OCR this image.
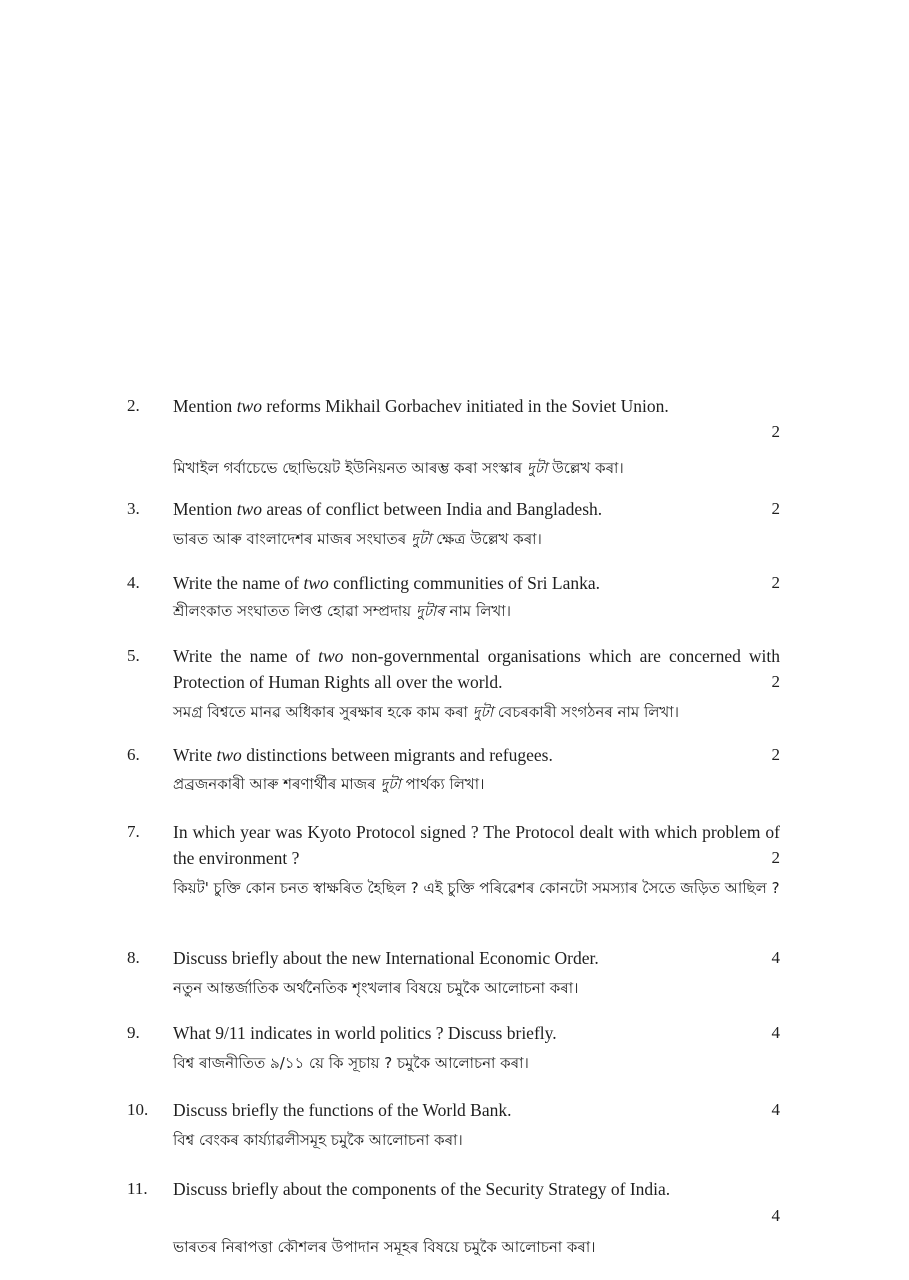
2. Mention two reforms Mikhail Gorbachev initiated in the Soviet Union.
2
মিখাইল গৰ্বাচেভে ছোভিয়েট ইউনিয়নত আৰম্ভ কৰা সংস্কাৰ দুটা উল্লেখ কৰা।
3. Mention two areas of conflict between India and Bangladesh.	2
ভাৰত আৰু বাংলাদেশৰ মাজৰ সংঘাতৰ দুটা ক্ষেত্ৰ উল্লেখ কৰা।
4. Write the name of two conflicting communities of Sri Lanka.	2
শ্ৰীলংকাত সংঘাতত লিপ্ত হোৱা সম্প্ৰদায় দুটাৰ নাম লিখা।
5. Write the name of two non-governmental organisations which are concerned with Protection of Human Rights all over the world.	2
সমগ্ৰ বিশ্বতে মানৱ অধিকাৰ সুৰক্ষাৰ হকে কাম কৰা দুটা বেচৰকাৰী সংগঠনৰ নাম লিখা।
6. Write two distinctions between migrants and refugees.	2
প্ৰব্ৰজনকাৰী আৰু শৰণাৰ্থীৰ মাজৰ দুটা পাৰ্থক্য লিখা।
7. In which year was Kyoto Protocol signed ? The Protocol dealt with which problem of the environment ?	2
কিয়ট' চুক্তি কোন চনত স্বাক্ষৰিত হৈছিল ? এই চুক্তি পৰিৱেশৰ কোনটো সমস্যাৰ সৈতে জড়িত আছিল ?
8. Discuss briefly about the new International Economic Order.	4
নতুন আন্তৰ্জাতিক অৰ্থনৈতিক শৃংখলাৰ বিষয়ে চমুকৈ আলোচনা কৰা।
9. What 9/11 indicates in world politics ? Discuss briefly.	4
বিশ্ব ৰাজনীতিত ৯/১১ য়ে কি সূচায় ? চমুকৈ আলোচনা কৰা।
10. Discuss briefly the functions of the World Bank.	4
বিশ্ব বেংকৰ কাৰ্য্যাৱলীসমূহ চমুকৈ আলোচনা কৰা।
11. Discuss briefly about the components of the Security Strategy of India.
4
ভাৰতৰ নিৰাপত্তা কৌশলৰ উপাদান সমূহৰ বিষয়ে চমুকৈ আলোচনা কৰা।
